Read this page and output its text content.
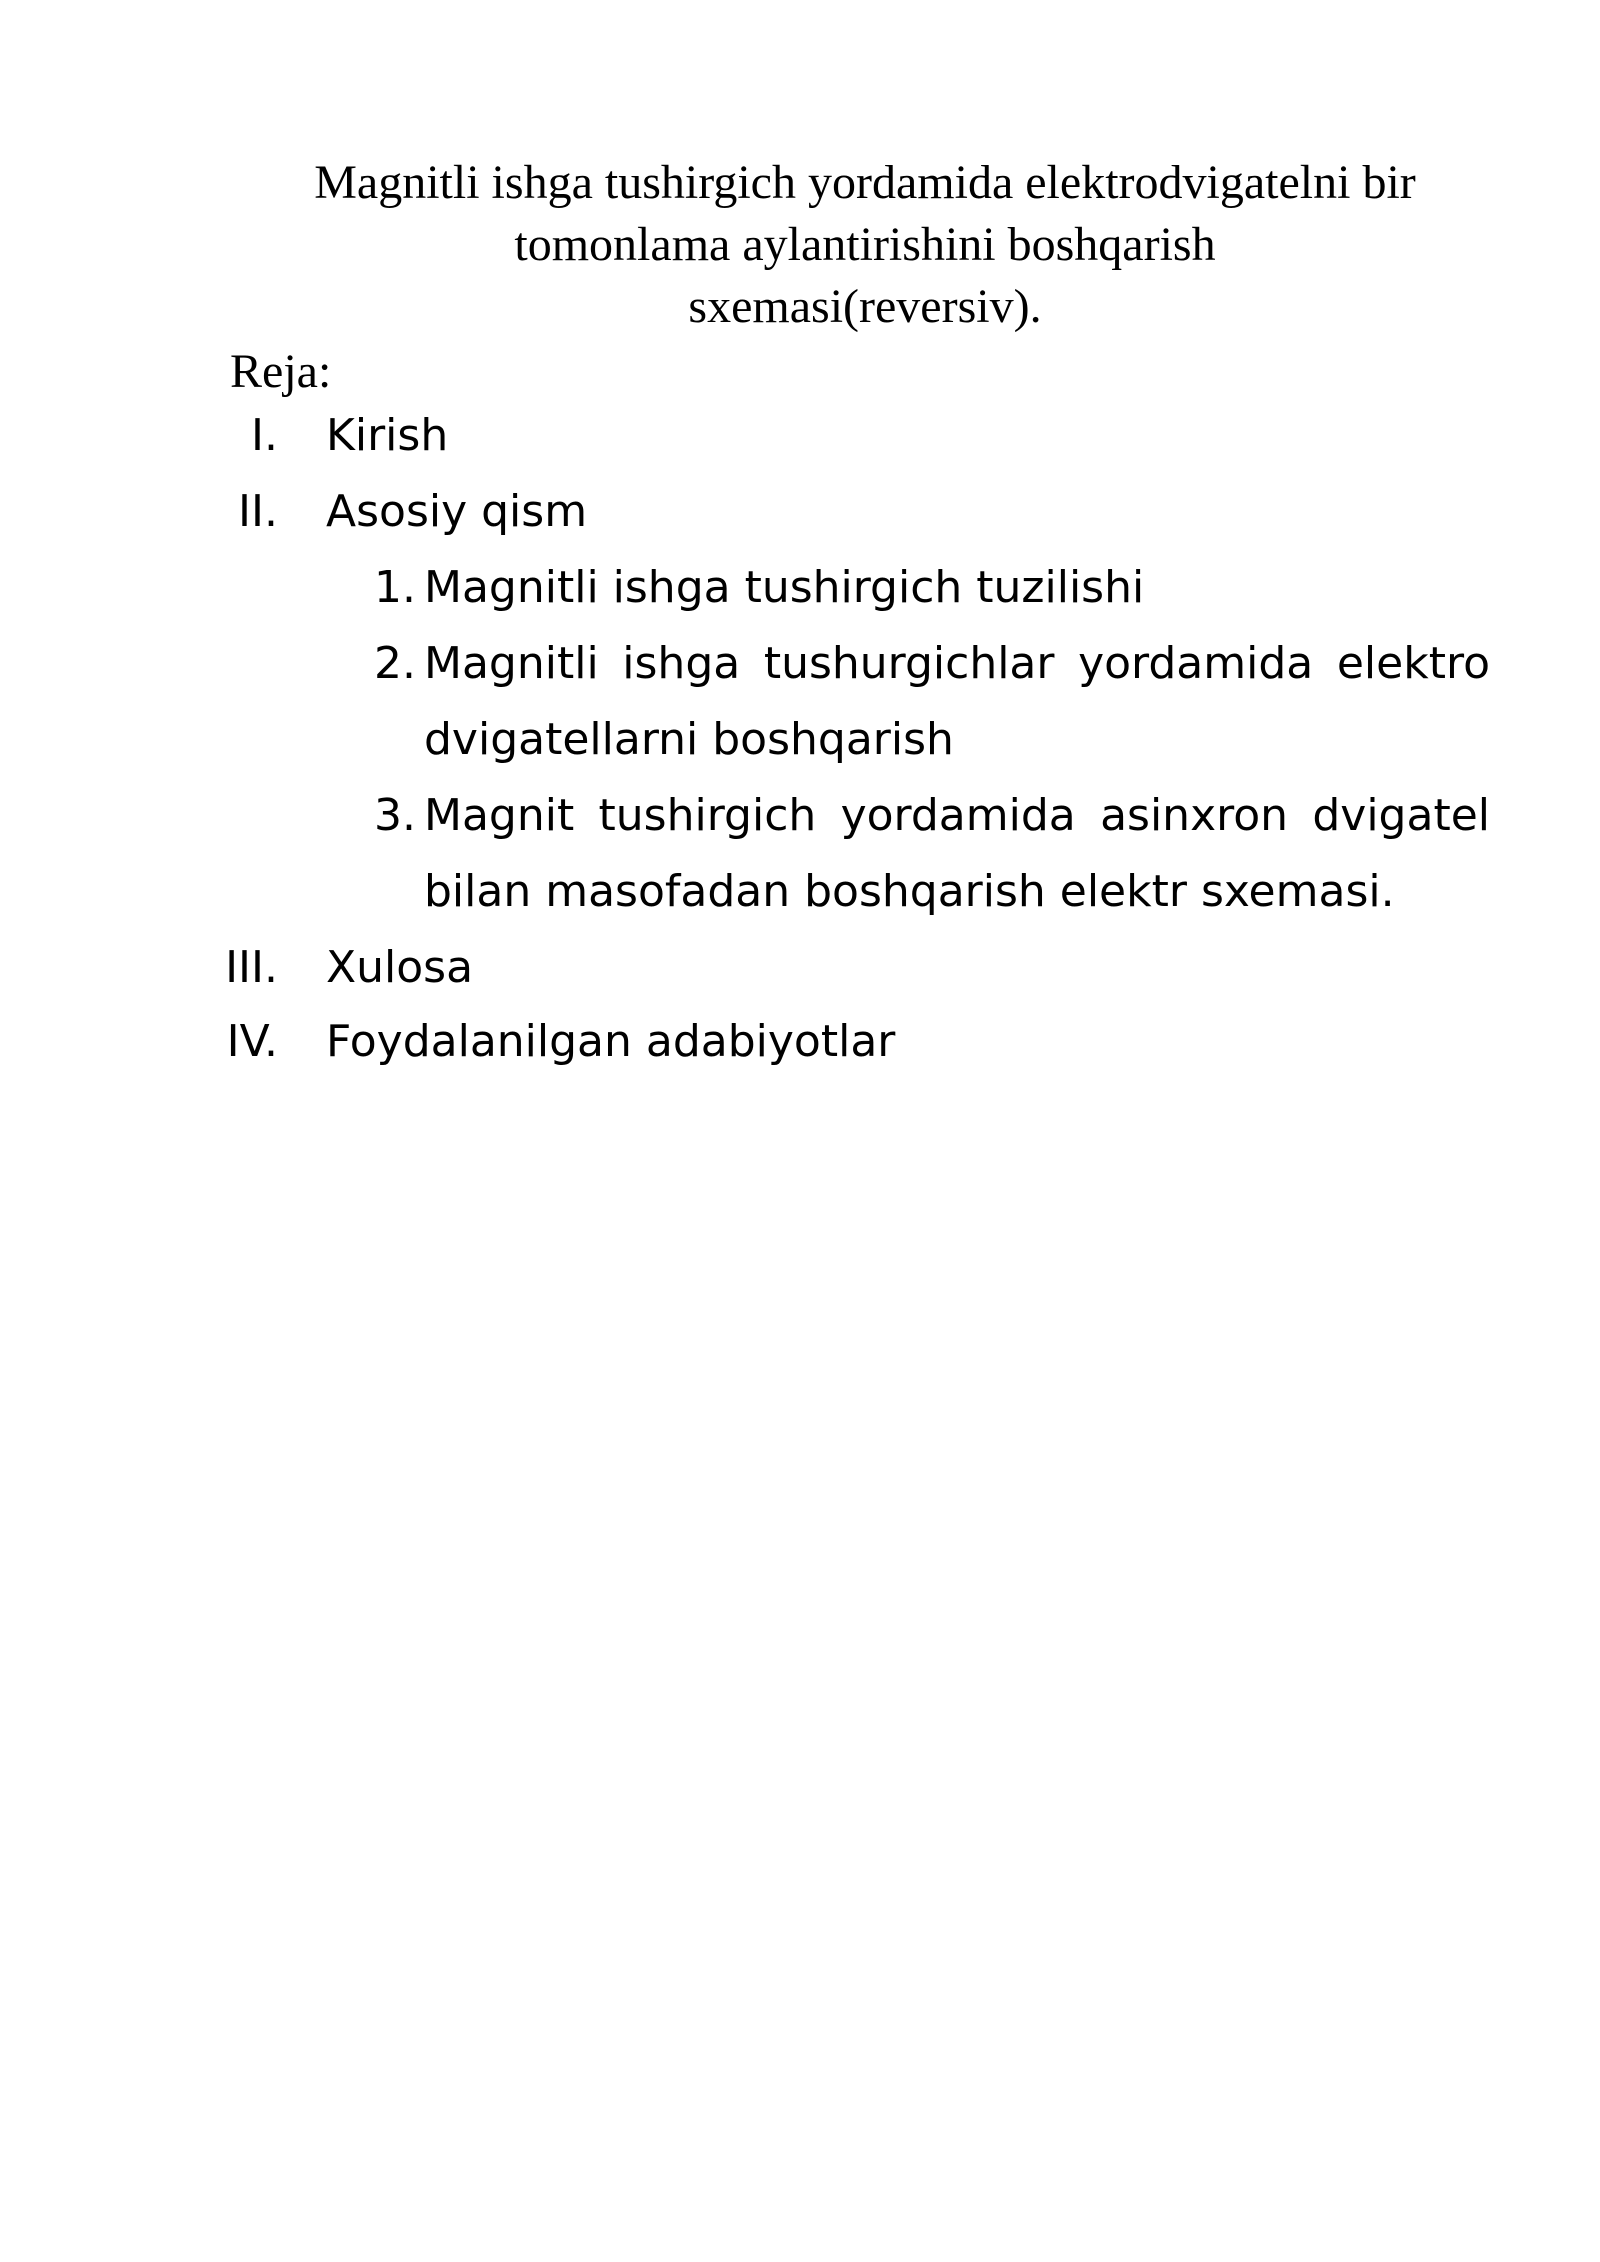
Magnitli ishga tushirgich yordamida elektrodvigatelni bir
tomonlama aylantirishini boshqarish
sxemasi(reversiv).
Reja:
I. Kirish
II. Asosiy qism
1. Magnitli ishga tushirgich tuzilishi
2. Magnitli ishga tushurgichlar yordamida elektro dvigatellarni boshqarish
3. Magnit tushirgich yordamida asinxron dvigatel bilan masofadan boshqarish elektr sxemasi.
III. Xulosa
IV. Foydalanilgan adabiyotlar
